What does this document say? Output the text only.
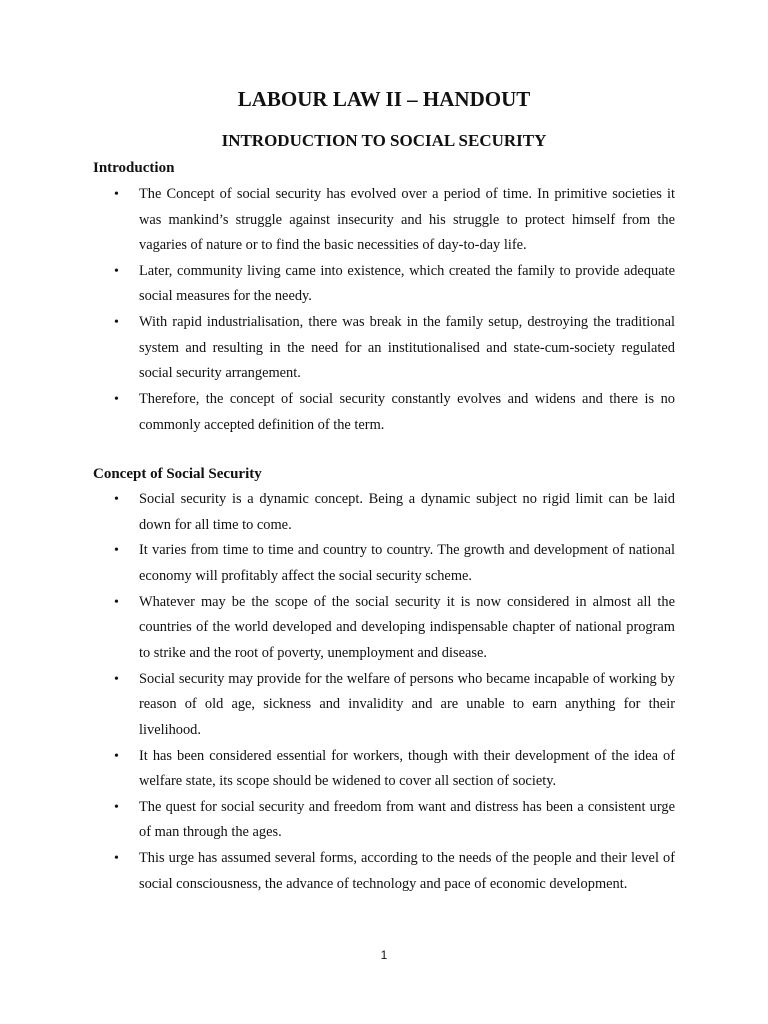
LABOUR LAW II – HANDOUT
INTRODUCTION TO SOCIAL SECURITY
Introduction
• The Concept of social security has evolved over a period of time. In primitive societies it was mankind’s struggle against insecurity and his struggle to protect himself from the vagaries of nature or to find the basic necessities of day-to-day life.
• Later, community living came into existence, which created the family to provide adequate social measures for the needy.
• With rapid industrialisation, there was break in the family setup, destroying the traditional system and resulting in the need for an institutionalised and state-cum-society regulated social security arrangement.
• Therefore, the concept of social security constantly evolves and widens and there is no commonly accepted definition of the term.
Concept of Social Security
• Social security is a dynamic concept. Being a dynamic subject no rigid limit can be laid down for all time to come.
• It varies from time to time and country to country. The growth and development of national economy will profitably affect the social security scheme.
• Whatever may be the scope of the social security it is now considered in almost all the countries of the world developed and developing indispensable chapter of national program to strike and the root of poverty, unemployment and disease.
• Social security may provide for the welfare of persons who became incapable of working by reason of old age, sickness and invalidity and are unable to earn anything for their livelihood.
• It has been considered essential for workers, though with their development of the idea of welfare state, its scope should be widened to cover all section of society.
• The quest for social security and freedom from want and distress has been a consistent urge of man through the ages.
• This urge has assumed several forms, according to the needs of the people and their level of social consciousness, the advance of technology and pace of economic development.
1
